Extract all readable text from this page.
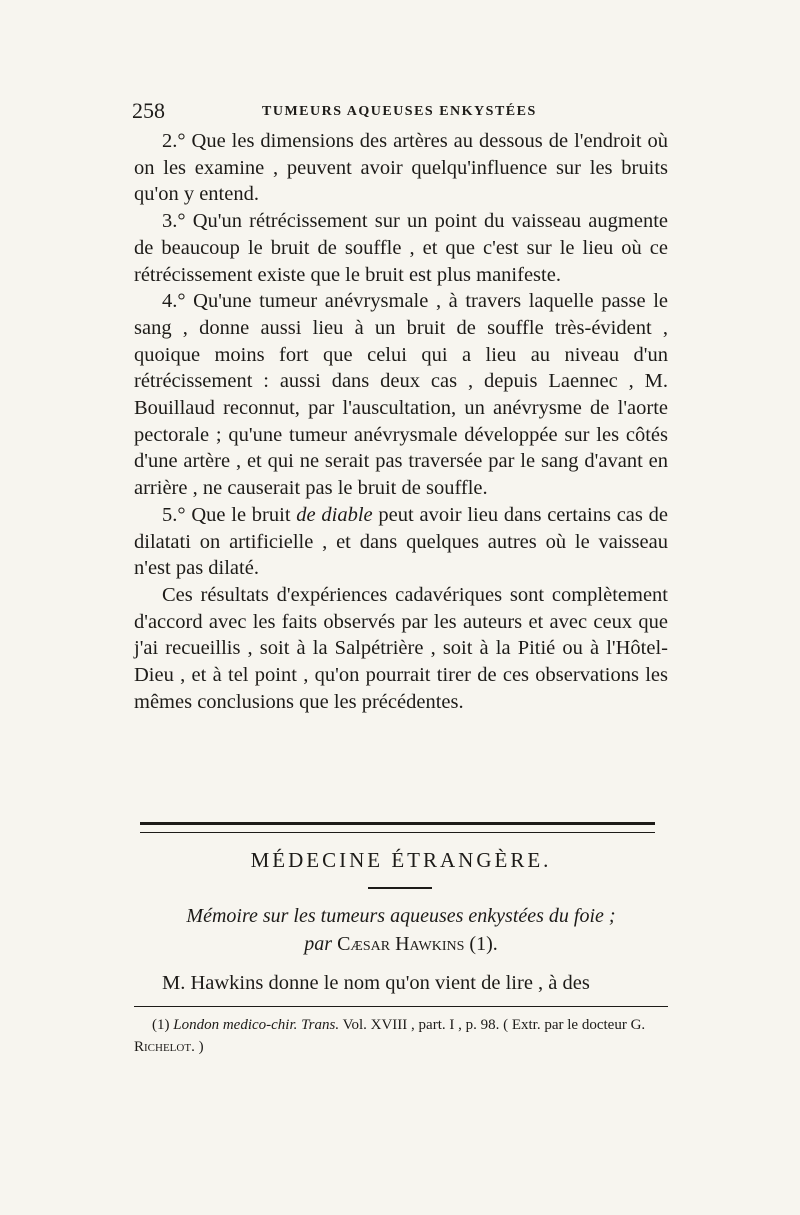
258	TUMEURS AQUEUSES ENKYSTÉES

2.° Que les dimensions des artères au dessous de l'endroit où on les examine , peuvent avoir quelqu'influence sur les bruits qu'on y entend.

3.° Qu'un rétrécissement sur un point du vaisseau augmente de beaucoup le bruit de souffle , et que c'est sur le lieu où ce rétrécissement existe que le bruit est plus manifeste.

4.° Qu'une tumeur anévrysmale , à travers laquelle passe le sang , donne aussi lieu à un bruit de souffle très-évident , quoique moins fort que celui qui a lieu au niveau d'un rétrécissement : aussi dans deux cas , depuis Laennec , M. Bouillaud reconnut, par l'auscultation, un anévrysme de l'aorte pectorale ; qu'une tumeur anévrysmale développée sur les côtés d'une artère , et qui ne serait pas traversée par le sang d'avant en arrière , ne causerait pas le bruit de souffle.

5.° Que le bruit de diable peut avoir lieu dans certains cas de dilatati on artificielle , et dans quelques autres où le vaisseau n'est pas dilaté.

Ces résultats d'expériences cadavériques sont complètement d'accord avec les faits observés par les auteurs et avec ceux que j'ai recueillis , soit à la Salpétrière , soit à la Pitié ou à l'Hôtel-Dieu , et à tel point , qu'on pourrait tirer de ces observations les mêmes conclusions que les précédentes.

MÉDECINE ÉTRANGÈRE.
Mémoire sur les tumeurs aqueuses enkystées du foie ;
par Cæsar Hawkins (1).
M. Hawkins donne le nom qu'on vient de lire , à des
(1) London medico-chir. Trans. Vol. XVIII , part. I , p. 98. ( Extr. par le docteur G. Richelot. )
